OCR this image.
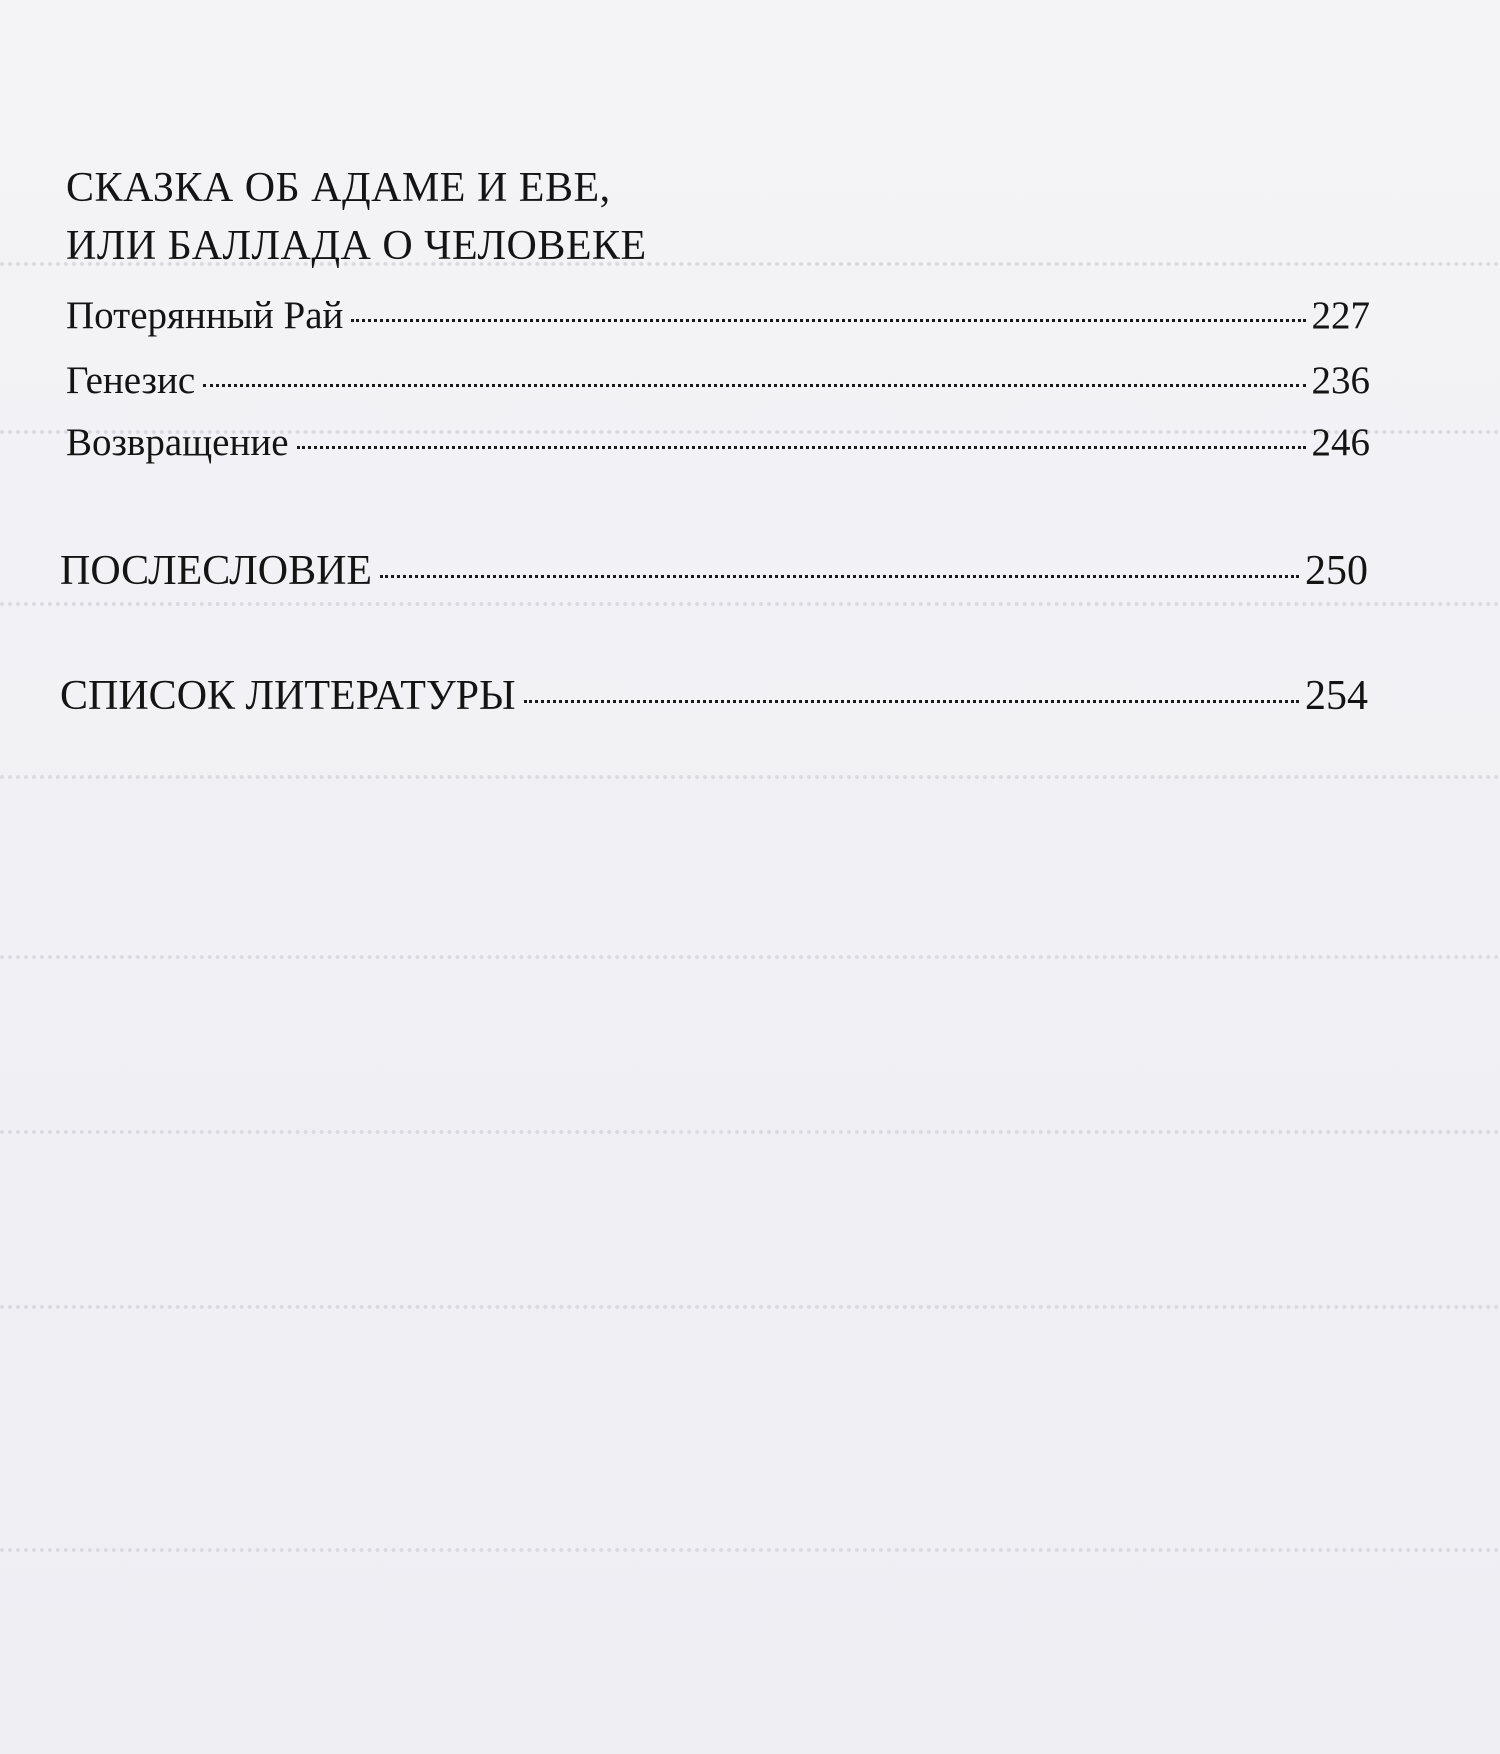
СКАЗКА ОБ АДАМЕ И ЕВЕ,
ИЛИ БАЛЛАДА О ЧЕЛОВЕКЕ
Потерянный Рай	227
Генезис	236
Возвращение	246
ПОСЛЕСЛОВИЕ	250
СПИСОК ЛИТЕРАТУРЫ	254
